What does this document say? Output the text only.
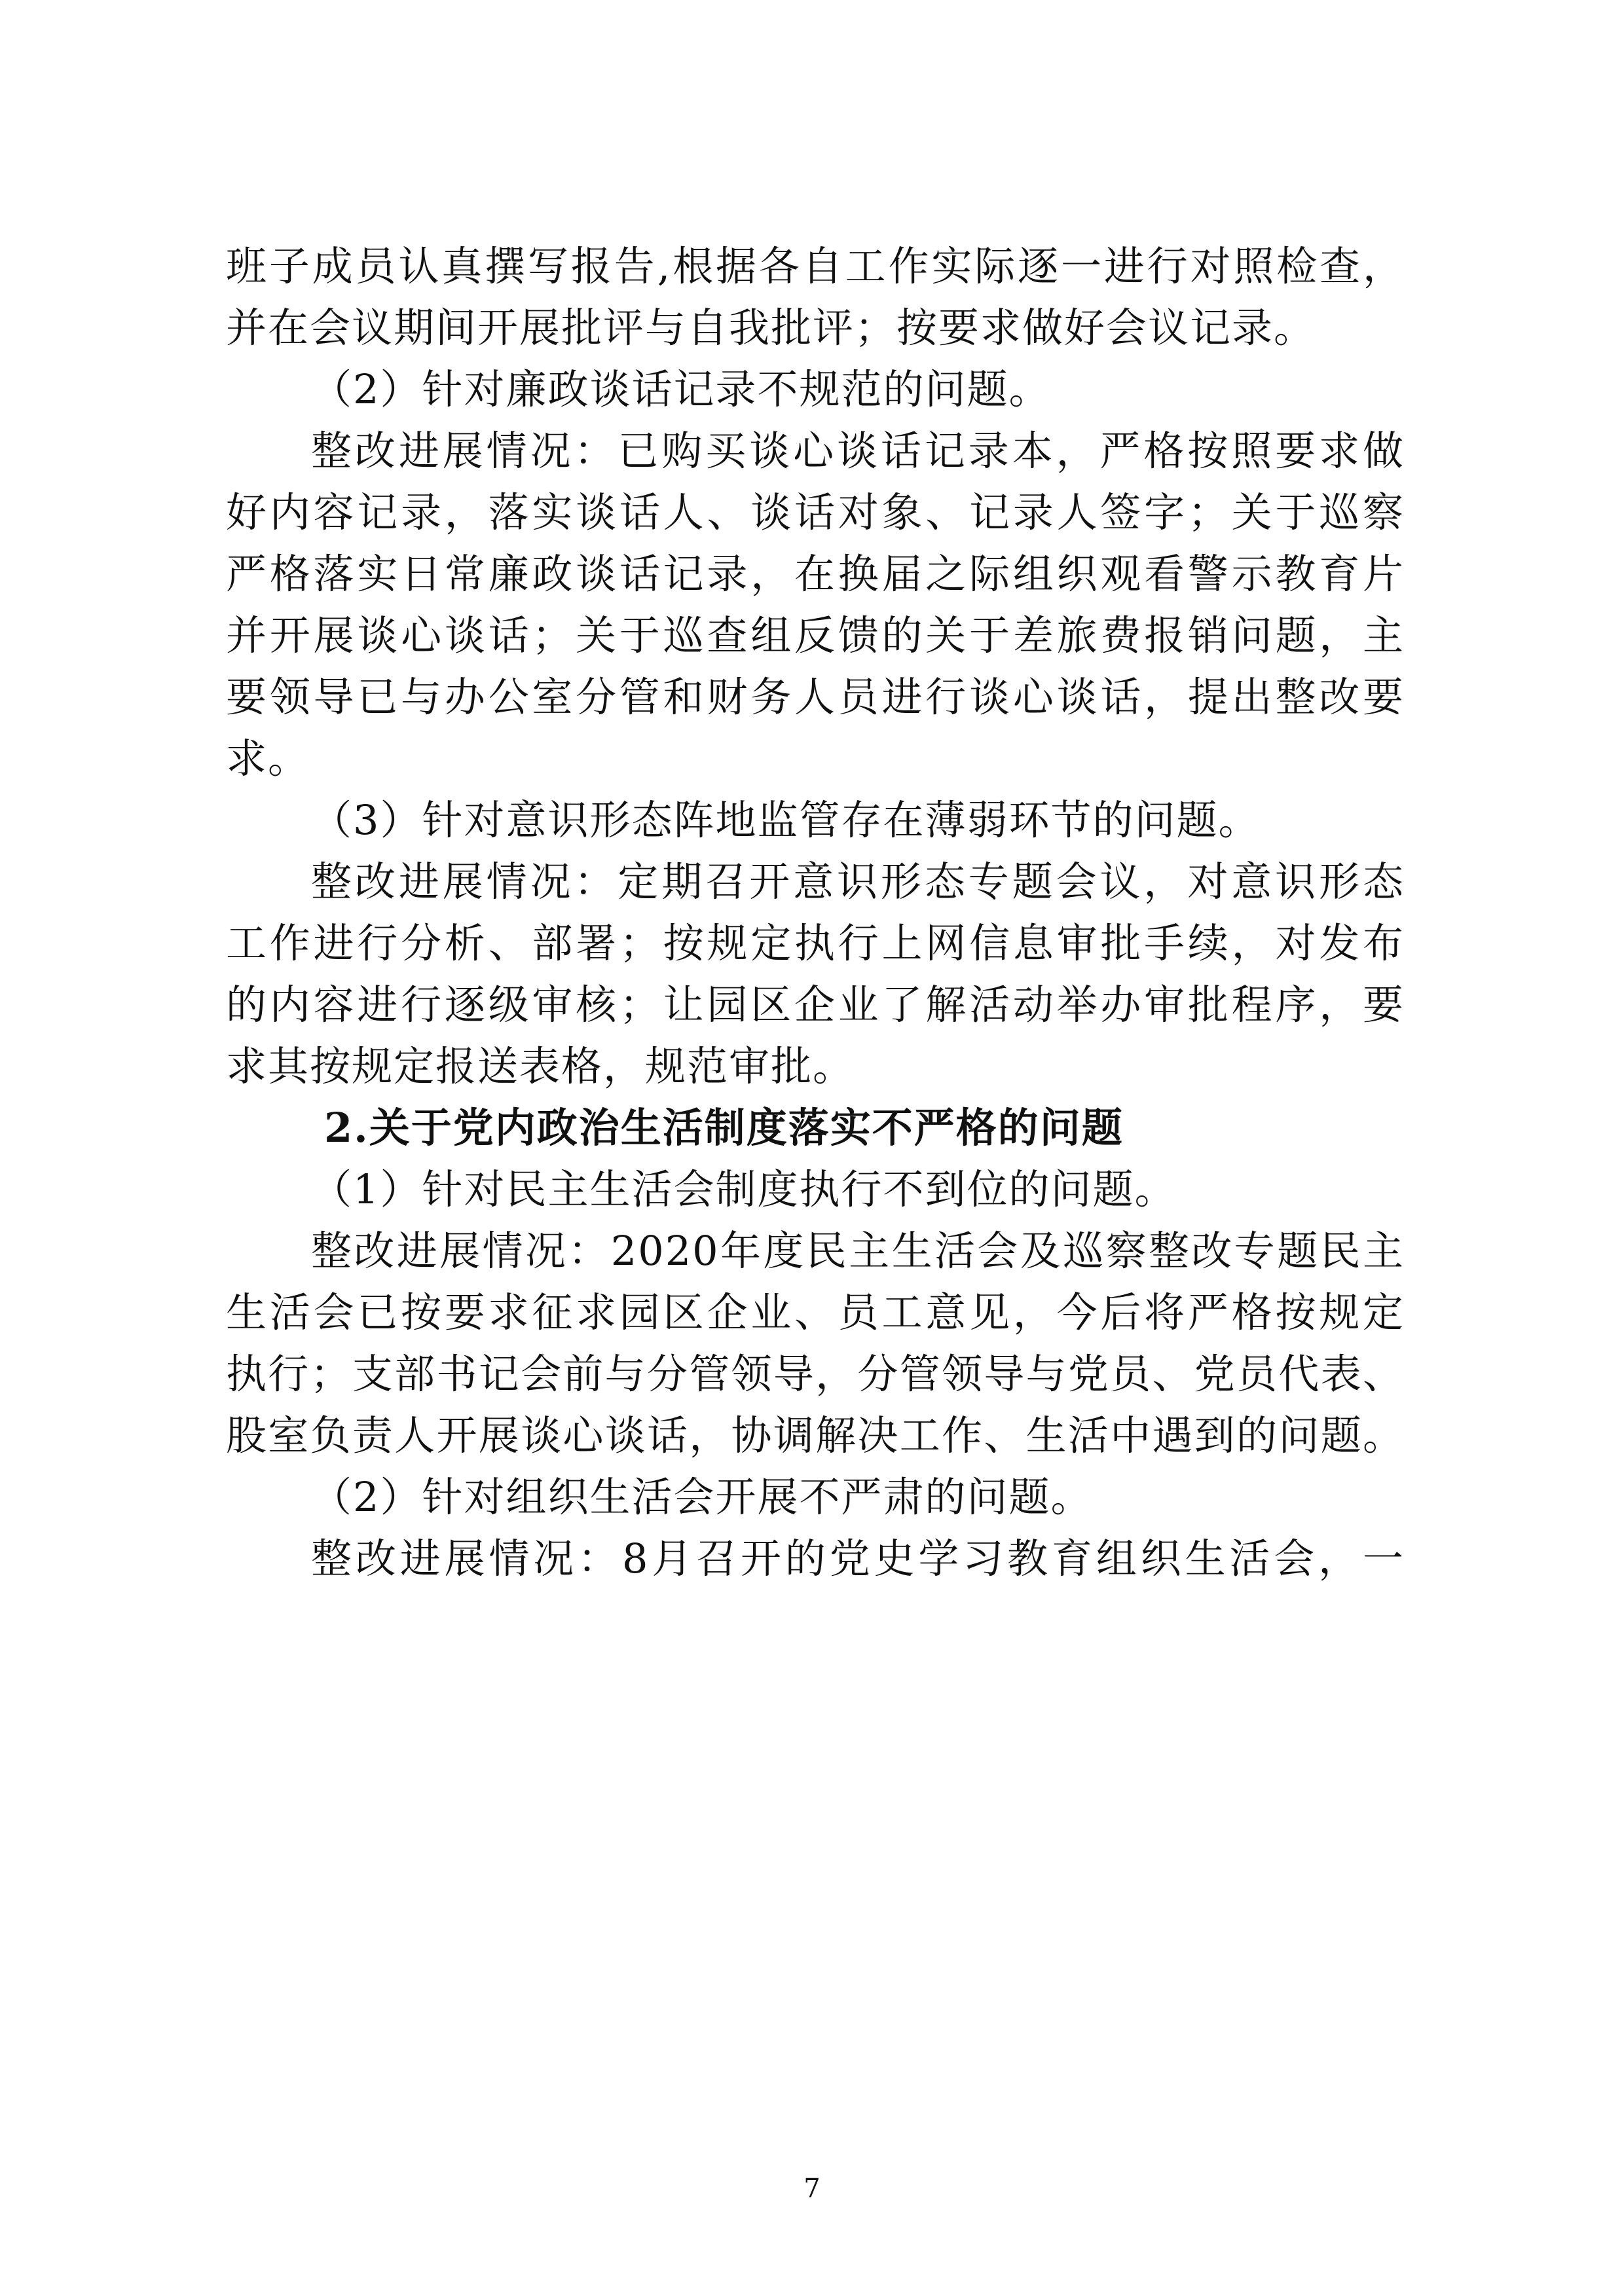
班子成员认真撰写报告,根据各自工作实际逐一进行对照检查，
并在会议期间开展批评与自我批评；按要求做好会议记录。
（2）针对廉政谈话记录不规范的问题。
整改进展情况：已购买谈心谈话记录本，严格按照要求做
好内容记录，落实谈话人、谈话对象、记录人签字；关于巡察
严格落实日常廉政谈话记录，在换届之际组织观看警示教育片
并开展谈心谈话；关于巡查组反馈的关于差旅费报销问题，主
要领导已与办公室分管和财务人员进行谈心谈话，提出整改要
求。
（3）针对意识形态阵地监管存在薄弱环节的问题。
整改进展情况：定期召开意识形态专题会议，对意识形态
工作进行分析、部署；按规定执行上网信息审批手续，对发布
的内容进行逐级审核；让园区企业了解活动举办审批程序，要
求其按规定报送表格，规范审批。
2.关于党内政治生活制度落实不严格的问题
（1）针对民主生活会制度执行不到位的问题。
整改进展情况：2020年度民主生活会及巡察整改专题民主
生活会已按要求征求园区企业、员工意见，今后将严格按规定
执行；支部书记会前与分管领导，分管领导与党员、党员代表、
股室负责人开展谈心谈话，协调解决工作、生活中遇到的问题。
（2）针对组织生活会开展不严肃的问题。
整改进展情况：8月召开的党史学习教育组织生活会，一
7
